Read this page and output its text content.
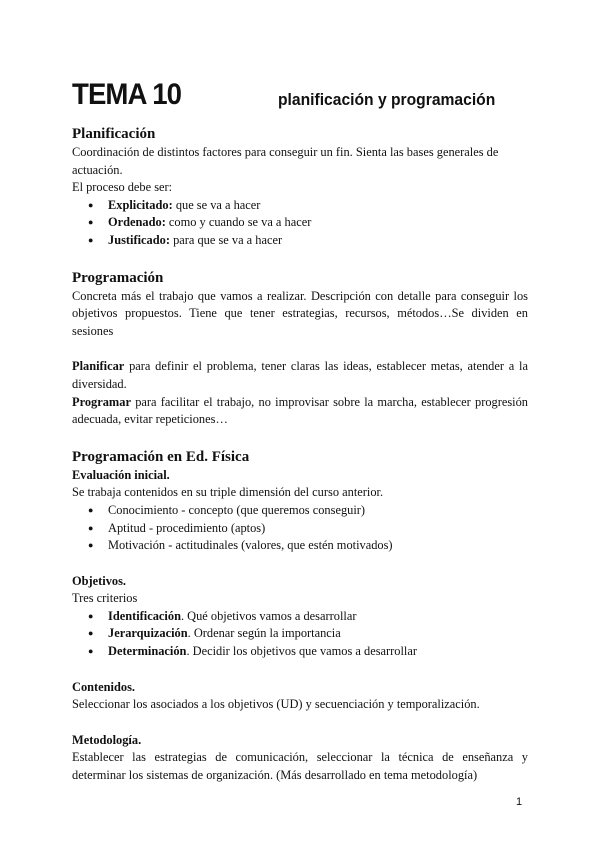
TEMA 10	planificación y programación
Planificación

Coordinación de distintos factores para conseguir un fin. Sienta las bases generales de actuación.

El proceso debe ser:

● Explicitado: que se va a hacer
● Ordenado: como y cuando se va a hacer
● Justificado: para que se va a hacer
Programación

Concreta más el trabajo que vamos a realizar. Descripción con detalle para conseguir los objetivos propuestos. Tiene que tener estrategias, recursos, métodos…Se dividen en sesiones

Planificar para definir el problema, tener claras las ideas, establecer metas, atender a la diversidad.

Programar para facilitar el trabajo, no improvisar sobre la marcha, establecer progresión adecuada, evitar repeticiones…

Programación en Ed. Física
Evaluación inicial.

Se trabaja contenidos en su triple dimensión del curso anterior.

● Conocimiento - concepto (que queremos conseguir)
● Aptitud - procedimiento (aptos)
● Motivación - actitudinales (valores, que estén motivados)
Objetivos.

Tres criterios

● Identificación. Qué objetivos vamos a desarrollar
● Jerarquización. Ordenar según la importancia
● Determinación. Decidir los objetivos que vamos a desarrollar
Contenidos.

Seleccionar los asociados a los objetivos (UD) y secuenciación y temporalización.

Metodología.

Establecer las estrategias de comunicación, seleccionar la técnica de enseñanza y determinar los sistemas de organización. (Más desarrollado en tema metodología)

1
